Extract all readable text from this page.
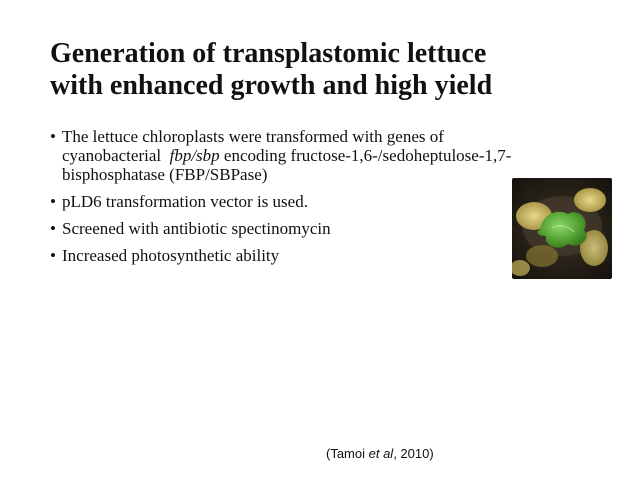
Generation of transplastomic lettuce
with enhanced growth and high yield
• The lettuce chloroplasts were transformed with genes of
cyanobacterial fbp/sbp encoding fructose-1,6-/sedoheptulose-1,7-
bisphosphatase (FBP/SBPase)
• pLD6 transformation vector is used.
• Screened with antibiotic spectinomycin
• Increased photosynthetic ability
(Tamoi et al, 2010)
